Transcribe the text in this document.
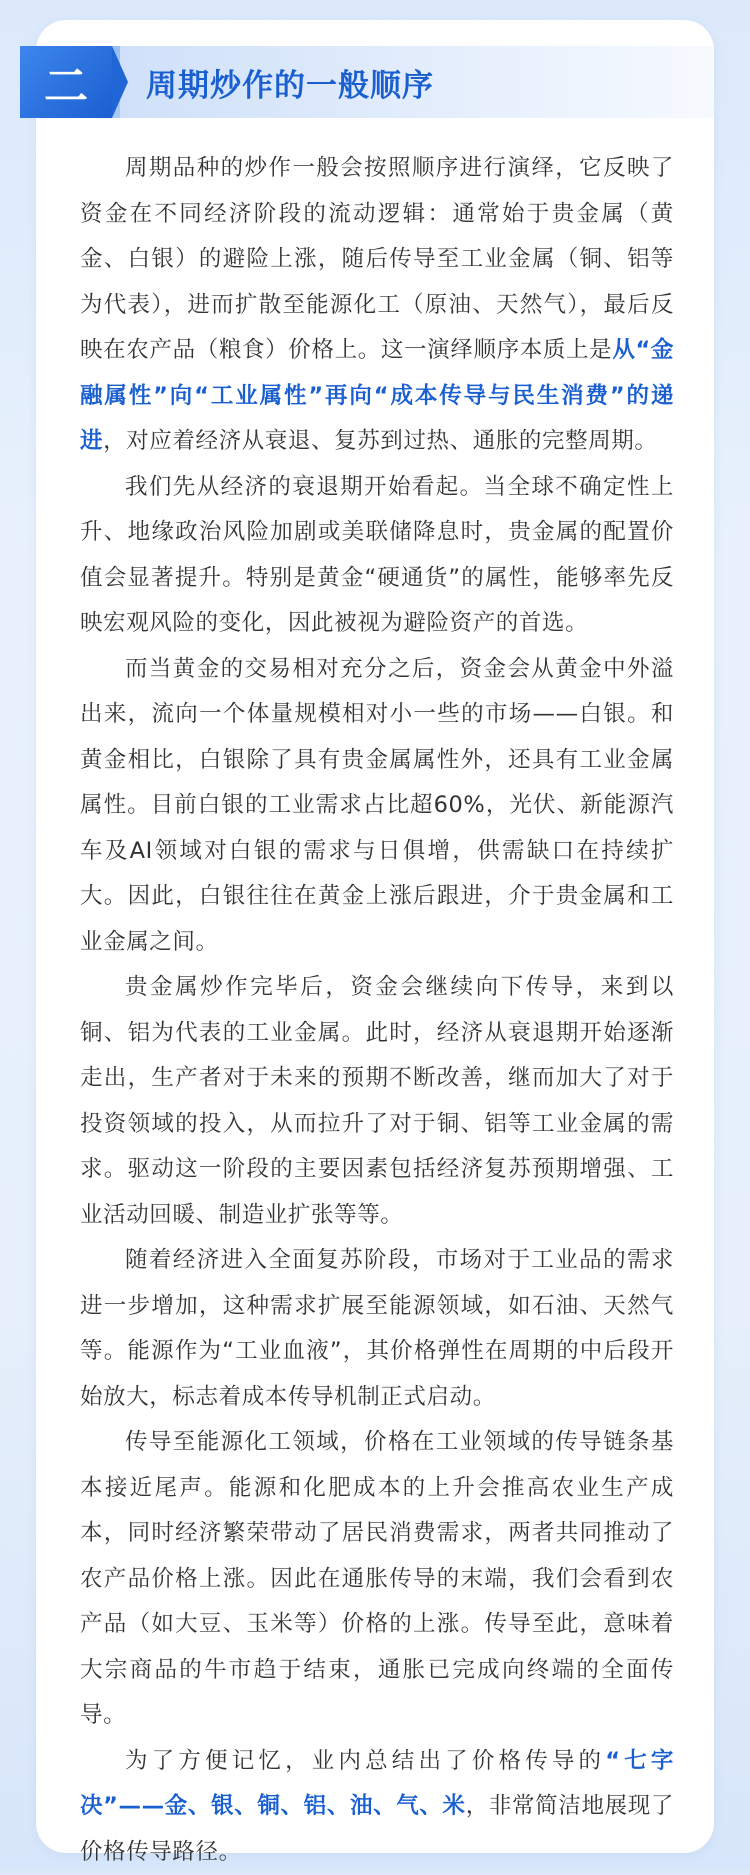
二	周期炒作的一般顺序

周期品种的炒作一般会按照顺序进行演绎，它反映了资金在不同经济阶段的流动逻辑：通常始于贵金属（黄金、白银）的避险上涨，随后传导至工业金属（铜、铝等为代表），进而扩散至能源化工（原油、天然气），最后反映在农产品（粮食）价格上。这一演绎顺序本质上是从“金融属性”向“工业属性”再向“成本传导与民生消费”的递进，对应着经济从衰退、复苏到过热、通胀的完整周期。

我们先从经济的衰退期开始看起。当全球不确定性上升、地缘政治风险加剧或美联储降息时，贵金属的配置价值会显著提升。特别是黄金“硬通货”的属性，能够率先反映宏观风险的变化，因此被视为避险资产的首选。

而当黄金的交易相对充分之后，资金会从黄金中外溢出来，流向一个体量规模相对小一些的市场——白银。和黄金相比，白银除了具有贵金属属性外，还具有工业金属属性。目前白银的工业需求占比超60%，光伏、新能源汽车及AI领域对白银的需求与日俱增，供需缺口在持续扩大。因此，白银往往在黄金上涨后跟进，介于贵金属和工业金属之间。

贵金属炒作完毕后，资金会继续向下传导，来到以铜、铝为代表的工业金属。此时，经济从衰退期开始逐渐走出，生产者对于未来的预期不断改善，继而加大了对于投资领域的投入，从而拉升了对于铜、铝等工业金属的需求。驱动这一阶段的主要因素包括经济复苏预期增强、工业活动回暖、制造业扩张等等。

随着经济进入全面复苏阶段，市场对于工业品的需求进一步增加，这种需求扩展至能源领域，如石油、天然气等。能源作为“工业血液”，其价格弹性在周期的中后段开始放大，标志着成本传导机制正式启动。

传导至能源化工领域，价格在工业领域的传导链条基本接近尾声。能源和化肥成本的上升会推高农业生产成本，同时经济繁荣带动了居民消费需求，两者共同推动了农产品价格上涨。因此在通胀传导的末端，我们会看到农产品（如大豆、玉米等）价格的上涨。传导至此，意味着大宗商品的牛市趋于结束，通胀已完成向终端的全面传导。

为了方便记忆，业内总结出了价格传导的“七字决”——金、银、铜、铝、油、气、米，非常简洁地展现了价格传导路径。
